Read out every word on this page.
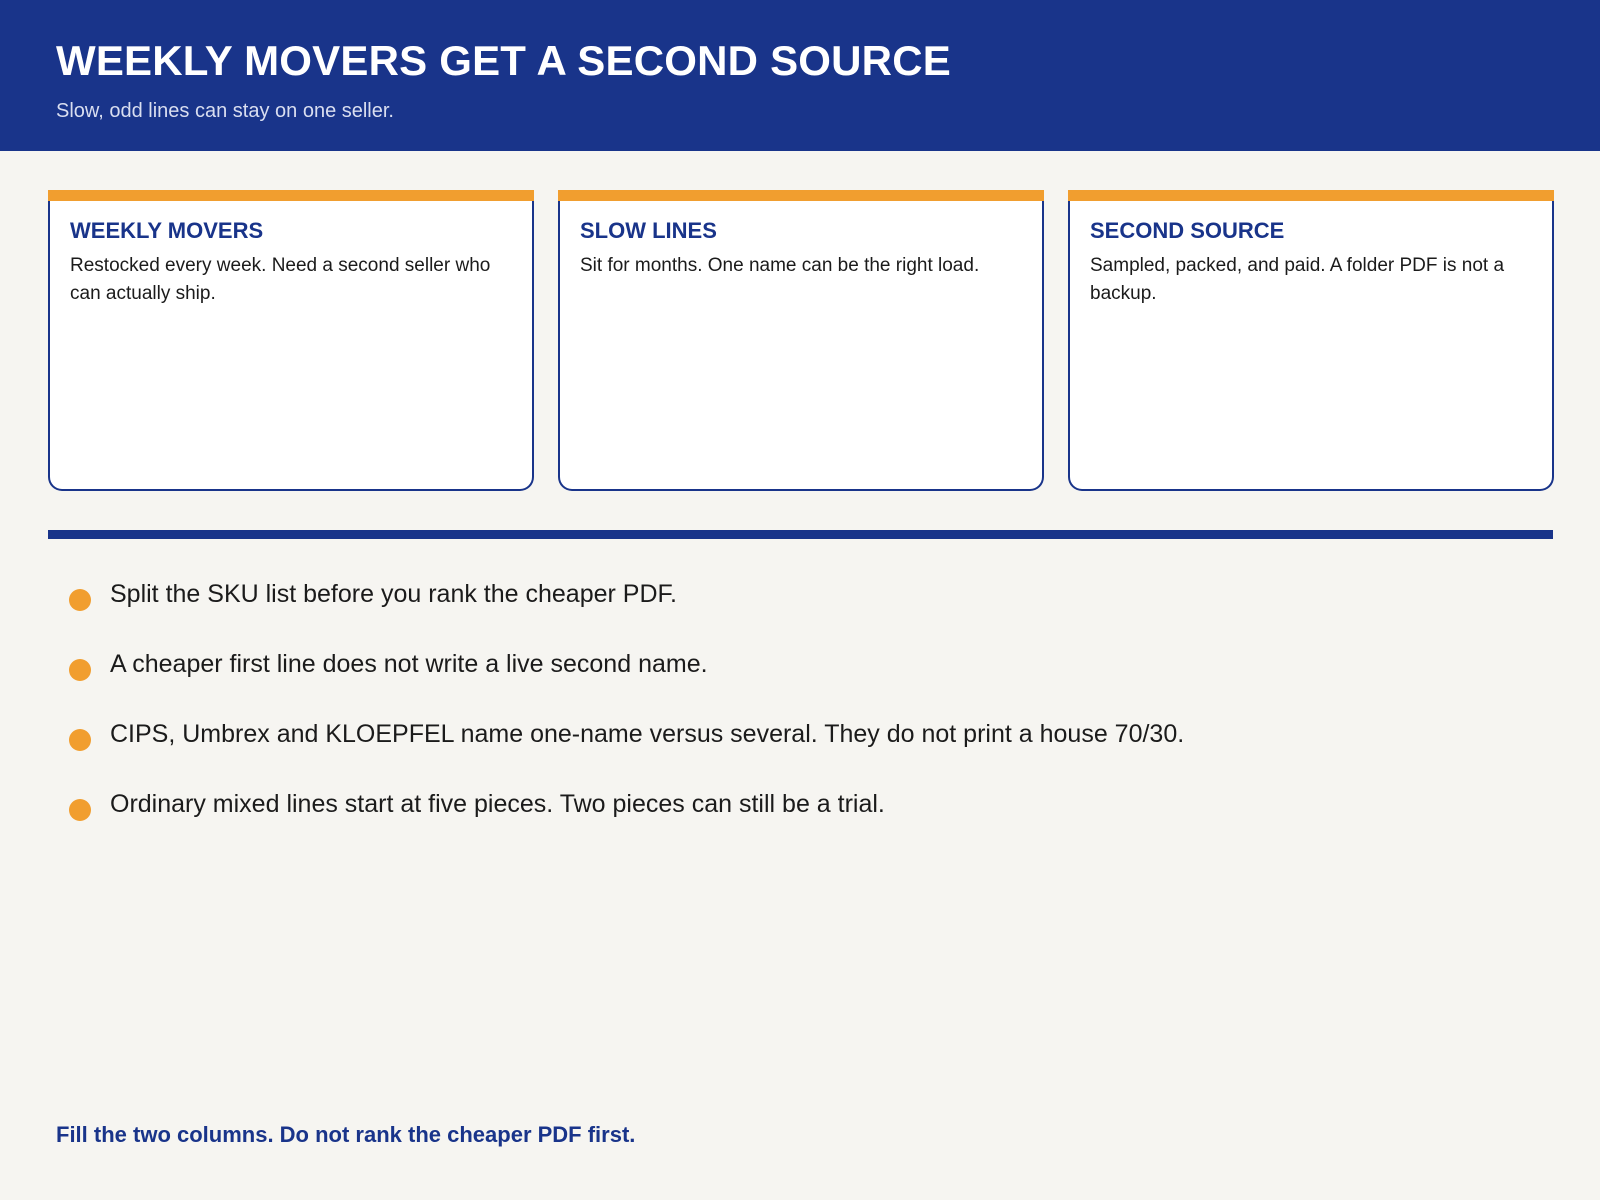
WEEKLY MOVERS GET A SECOND SOURCE
Slow, odd lines can stay on one seller.
WEEKLY MOVERS
Restocked every week. Need a second seller who can actually ship.
SLOW LINES
Sit for months. One name can be the right load.
SECOND SOURCE
Sampled, packed, and paid. A folder PDF is not a backup.
Split the SKU list before you rank the cheaper PDF.
A cheaper first line does not write a live second name.
CIPS, Umbrex and KLOEPFEL name one-name versus several. They do not print a house 70/30.
Ordinary mixed lines start at five pieces. Two pieces can still be a trial.
Fill the two columns. Do not rank the cheaper PDF first.
